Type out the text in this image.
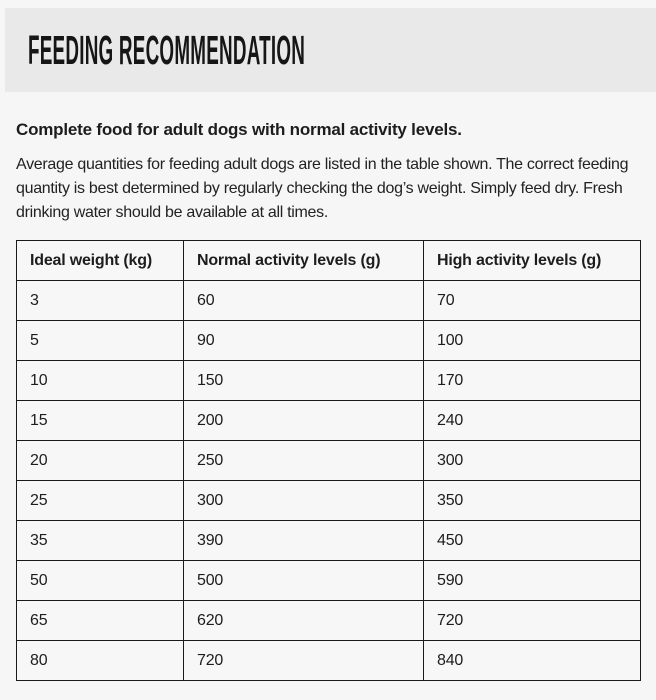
FEEDING RECOMMENDATION

Complete food for adult dogs with normal activity levels.

Average quantities for feeding adult dogs are listed in the table shown. The correct feeding quantity is best determined by regularly checking the dog’s weight. Simply feed dry. Fresh drinking water should be available at all times.

Ideal weight (kg)	Normal activity levels (g)	High activity levels (g)
3	60	70
5	90	100
10	150	170
15	200	240
20	250	300
25	300	350
35	390	450
50	500	590
65	620	720
80	720	840
